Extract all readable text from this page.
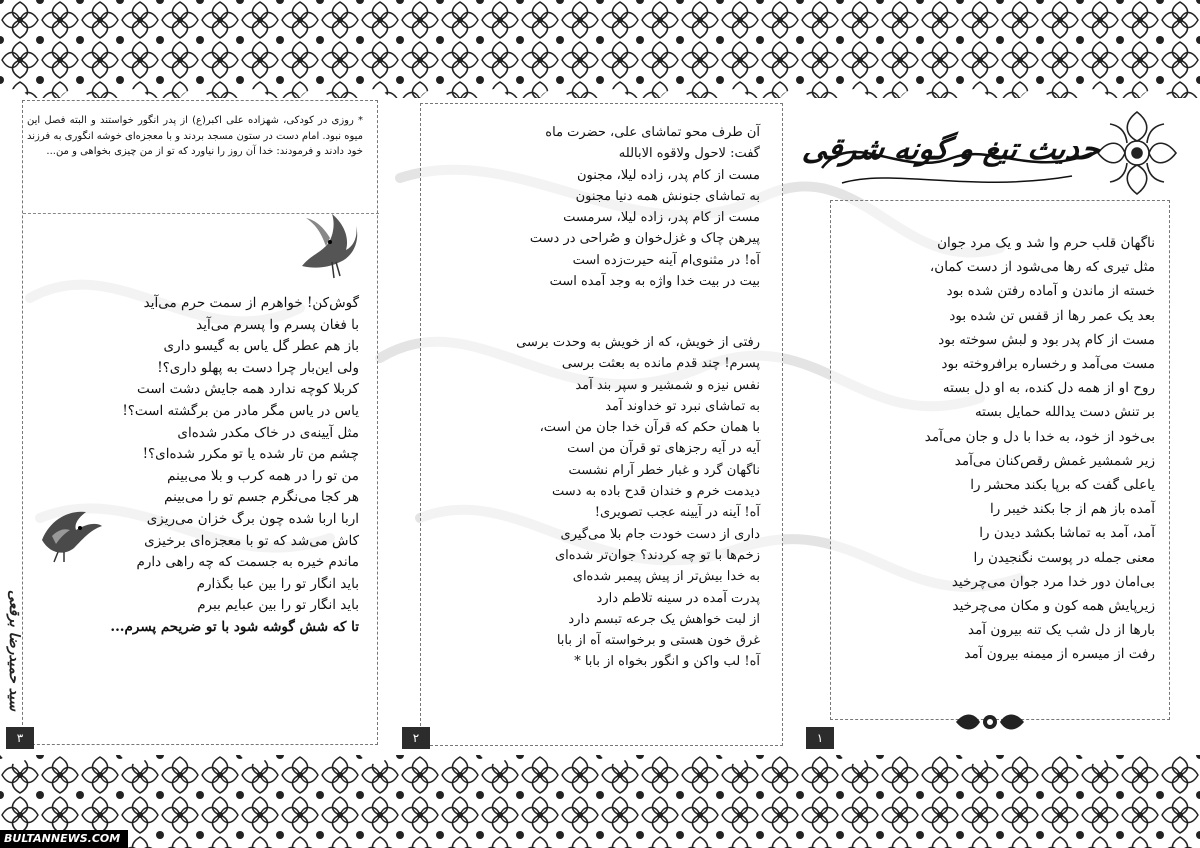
* روزی در کودکی، شهزاده علی اکبر(ع) از پدر انگور خواستند و البته فصل این میوه نبود. امام دست در ستون مسجد بردند و با معجزه‌ای خوشه انگوری به فرزند خود دادند و فرمودند: خدا آن روز را نیاورد که تو از من چیزی بخواهی و من...

گوش‌کن! خواهرم از سمت حرم می‌آید
با فغان پسرم وا پسرم می‌آید
باز هم عطر گل یاس به گیسو داری
ولی این‌بار چرا دست به پهلو داری؟!
کربلا کوچه ندارد همه جایش دشت است
یاس در یاس مگر مادر من برگشته است؟!
مثل آیینه‌ی در خاک مکدر شده‌ای
چشم من تار شده یا تو مکرر شده‌ای؟!
من تو را در همه کرب و بلا می‌بینم
هر کجا می‌نگرم جسم تو را می‌بینم
اربا اربا شده چون برگ خزان می‌ریزی
کاش می‌شد که تو با معجزه‌ای برخیزی
ماندم خیره به جسمت که چه راهی دارم
باید انگار تو را بین عبا بگذارم
باید انگار تو را بین عبایم ببرم
تا که شش گوشه شود با تو ضریحم پسرم...
سید حمیدرضا برقعی
آن طرف محو تماشای علی، حضرت ماه
گفت: لاحول ولاقوه الابالله
مست از کام پدر، زاده لیلا، مجنون
به تماشای جنونش همه دنیا مجنون
مست از کام پدر، زاده لیلا، سرمست
پیرهن چاک و غزل‌خوان و صُراحی در دست
آه! در مثنوی‌ام آینه حیرت‌زده است
بیت در بیت خدا واژه به وجد آمده است
رفتی از خویش، که از خویش به وحدت برسی
پسرم! چند قدم مانده به بعثت برسی
نفس نیزه و شمشیر و سپر بند آمد
به تماشای نبرد تو خداوند آمد
با همان حکم که قرآن خدا جان من است،
آیه در آیه رجزهای تو قرآن من است
ناگهان گرد و غبار خطر آرام نشست
دیدمت خرم و خندان قدح باده به دست
آه! آینه در آیینه عجب تصویری!
داری از دست خودت جام بلا می‌گیری
زخم‌ها با تو چه کردند؟ جوان‌تر شده‌ای
به خدا بیش‌تر از پیش پیمبر شده‌ای
پدرت آمده در سینه تلاطم دارد
از لبت خواهش یک جرعه تبسم دارد
غرق خون هستی و برخواسته آه از بابا
آه! لب واکن و انگور بخواه از بابا *
حدیث تیغ و گونه شرقی
ناگهان قلب حرم وا شد و یک مرد جوان
مثل تیری که رها می‌شود از دست کمان،
خسته از ماندن و آماده رفتن شده بود
بعد یک عمر رها از قفس تن شده بود
مست از کام پدر بود و لبش سوخته بود
مست می‌آمد و رخساره برافروخته بود
روح او از همه دل کنده، به او دل بسته
بر تنش دست یدالله حمایل بسته
بی‌خود از خود، به خدا با دل و جان می‌آمد
زیر شمشیر غمش رقص‌کنان می‌آمد
یاعلی گفت که برپا بکند محشر را
آمده باز هم از جا بکند خیبر را
آمد، آمد به تماشا بکشد دیدن را
معنی جمله در پوست نگنجیدن را
بی‌امان دور خدا مرد جوان می‌چرخید
زیرپایش همه کون و مکان می‌چرخید
بارها از دل شب یک تنه بیرون آمد
رفت از میسره از میمنه بیرون آمد
۳	۲	۱
BULTANNEWS.COM
